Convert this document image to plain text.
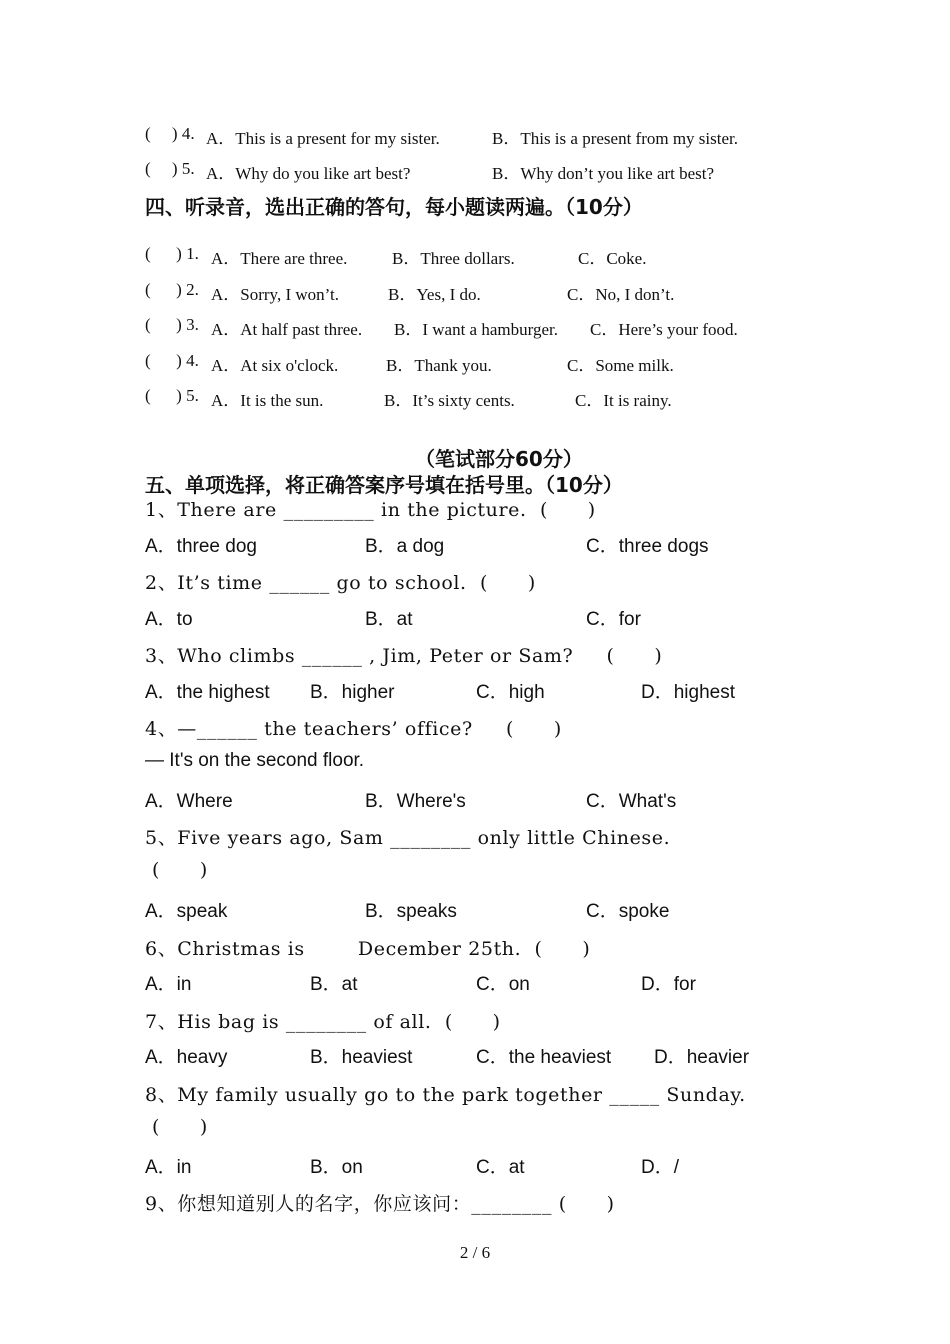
(     ) 4. A．This is a present for my sister.	B．This is a present from my sister.
(     ) 5. A．Why do you like art best?	B．Why don’t you like art best?
四、听录音，选出正确的答句，每小题读两遍。（10分）
(      ) 1. A．There are three.	B．Three dollars.	C．Coke.
(      ) 2. A．Sorry, I won’t.	B．Yes, I do.	C．No, I don’t.
(      ) 3. A．At half past three. B．I want a hamburger. C．Here’s your food.
(      ) 4. A．At six o'clock.	B．Thank you.	C．Some milk.
(      ) 5. A．It is the sun.	B．It’s sixty cents.	C．It is rainy.
（笔试部分60分）
五、单项选择，将正确答案序号填在括号里。（10分）
1、There are _________ in the picture.  (      )
A．three dog	B．a dog	C．three dogs
2、It’s time ______ go to school.  (      )
A．to	B．at	C．for
3、Who climbs ______ , Jim, Peter or Sam?     (      )
A．the highest B．higher	C．high	D．highest
4、—______ the teachers’ office?     (      )
— It's on the second floor.
A．Where	B．Where's	C．What's
5、Five years ago, Sam ________ only little Chinese.
(      )
A．speak	B．speaks	C．spoke
6、Christmas is        December 25th.  (      )
A．in	B．at	C．on	D．for
7、His bag is ________ of all.  (      )
A．heavy	B．heaviest	C．the heaviest D．heavier
8、My family usually go to the park together _____ Sunday.
(      )
A．in	B．on	C．at	D．/
9、你想知道别人的名字，你应该问：________ (      )
2 / 6
